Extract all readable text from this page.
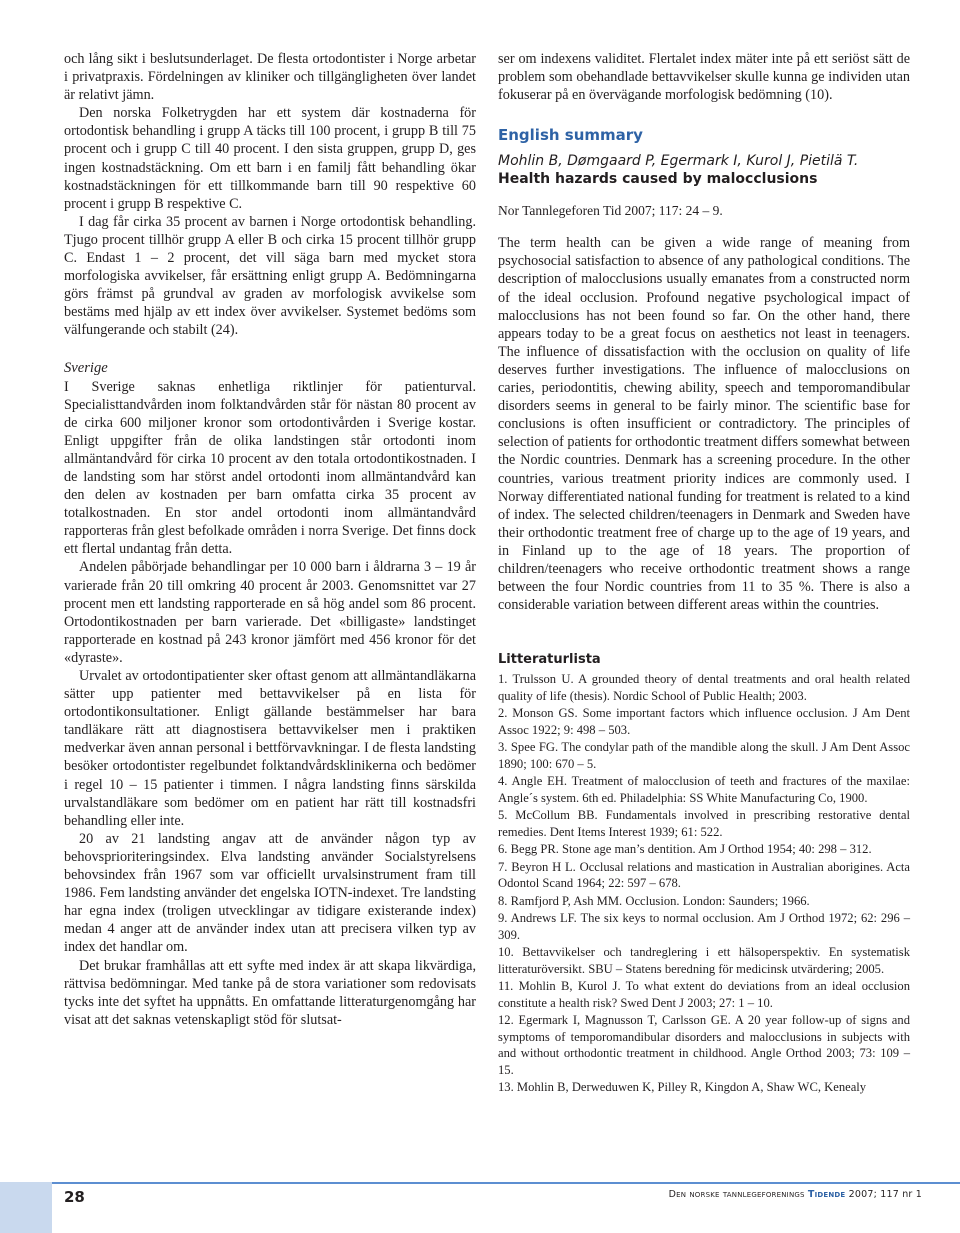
och lång sikt i beslutsunderlaget. De flesta ortodontister i Norge arbetar i privatpraxis. Fördelningen av kliniker och tillgängligheten över landet är relativt jämn.

Den norska Folketrygden har ett system där kostnaderna för ortodontisk behandling i grupp A täcks till 100 procent, i grupp B till 75 procent och i grupp C till 40 procent. I den sista gruppen, grupp D, ges ingen kostnadstäckning. Om ett barn i en familj fått behandling ökar kostnadstäckningen för ett tillkommande barn till 90 respektive 60 procent i grupp B respektive C.

I dag får cirka 35 procent av barnen i Norge ortodontisk behandling. Tjugo procent tillhör grupp A eller B och cirka 15 procent tillhör grupp C. Endast 1 – 2 procent, det vill säga barn med mycket stora morfologiska avvikelser, får ersättning enligt grupp A. Bedömningarna görs främst på grundval av graden av morfologisk avvikelse som bestäms med hjälp av ett index över avvikelser. Systemet bedöms som välfungerande och stabilt (24).

Sverige

I Sverige saknas enhetliga riktlinjer för patienturval. Specialisttandvården inom folktandvården står för nästan 80 procent av de cirka 600 miljoner kronor som ortodontivården i Sverige kostar. Enligt uppgifter från de olika landstingen står ortodonti inom allmäntandvård för cirka 10 procent av den totala ortodontikostnaden. I de landsting som har störst andel ortodonti inom allmäntandvård kan den delen av kostnaden per barn omfatta cirka 35 procent av totalkostnaden. En stor andel ortodonti inom allmäntandvård rapporteras från glest befolkade områden i norra Sverige. Det finns dock ett flertal undantag från detta.

Andelen påbörjade behandlingar per 10 000 barn i åldrarna 3 – 19 år varierade från 20 till omkring 40 procent år 2003. Genomsnittet var 27 procent men ett landsting rapporterade en så hög andel som 86 procent. Ortodontikostnaden per barn varierade. Det «billigaste» landstinget rapporterade en kostnad på 243 kronor jämfört med 456 kronor för det «dyraste».

Urvalet av ortodontipatienter sker oftast genom att allmäntandläkarna sätter upp patienter med bettavvikelser på en lista för ortodontikonsultationer. Enligt gällande bestämmelser har bara tandläkare rätt att diagnostisera bettavvikelser men i praktiken medverkar även annan personal i bettförvavkningar. I de flesta landsting besöker ortodontister regelbundet folktandvårdsklinikerna och bedömer i regel 10 – 15 patienter i timmen. I några landsting finns särskilda urvalstandläkare som bedömer om en patient har rätt till kostnadsfri behandling eller inte.

20 av 21 landsting angav att de använder någon typ av behovsprioriteringsindex. Elva landsting använder Socialstyrelsens behovsindex från 1967 som var officiellt urvalsinstrument fram till 1986. Fem landsting använder det engelska IOTN-indexet. Tre landsting har egna index (troligen utvecklingar av tidigare existerande index) medan 4 anger att de använder index utan att precisera vilken typ av index det handlar om.

Det brukar framhållas att ett syfte med index är att skapa likvärdiga, rättvisa bedömningar. Med tanke på de stora variationer som redovisats tycks inte det syftet ha uppnåtts. En omfattande litteraturgenomgång har visat att det saknas vetenskapligt stöd för slutsat-

ser om indexens validitet. Flertalet index mäter inte på ett seriöst sätt de problem som obehandlade bettavvikelser skulle kunna ge individen utan fokuserar på en övervägande morfologisk bedömning (10).

English summary
Mohlin B, Dømgaard P, Egermark I, Kurol J, Pietilä T.
Health hazards caused by malocclusions
Nor Tannlegeforen Tid 2007; 117: 24 – 9.

The term health can be given a wide range of meaning from psychosocial satisfaction to absence of any pathological conditions. The description of malocclusions usually emanates from a constructed norm of the ideal occlusion. Profound negative psychological impact of malocclusions has not been found so far. On the other hand, there appears today to be a great focus on aesthetics not least in teenagers. The influence of dissatisfaction with the occlusion on quality of life deserves further investigations. The influence of malocclusions on caries, periodontitis, chewing ability, speech and temporomandibular disorders seems in general to be fairly minor. The scientific base for conclusions is often insufficient or contradictory. The principles of selection of patients for orthodontic treatment differs somewhat between the Nordic countries. Denmark has a screening procedure. In the other countries, various treatment priority indices are commonly used. I Norway differentiated national funding for treatment is related to a kind of index. The selected children/teenagers in Denmark and Sweden have their orthodontic treatment free of charge up to the age of 19 years, and in Finland up to the age of 18 years. The proportion of children/teenagers who receive orthodontic treatment shows a range between the four Nordic countries from 11 to 35 %. There is also a considerable variation between different areas within the countries.

Litteraturlista
1. Trulsson U. A grounded theory of dental treatments and oral health related quality of life (thesis). Nordic School of Public Health; 2003.
2. Monson GS. Some important factors which influence occlusion. J Am Dent Assoc 1922; 9: 498 – 503.
3. Spee FG. The condylar path of the mandible along the skull. J Am Dent Assoc 1890; 100: 670 – 5.
4. Angle EH. Treatment of malocclusion of teeth and fractures of the maxilae: Angle´s system. 6th ed. Philadelphia: SS White Manufacturing Co, 1900.
5. McCollum BB. Fundamentals involved in prescribing restorative dental remedies. Dent Items Interest 1939; 61: 522.
6. Begg PR. Stone age man’s dentition. Am J Orthod 1954; 40: 298 – 312.
7. Beyron H L. Occlusal relations and mastication in Australian aborigines. Acta Odontol Scand 1964; 22: 597 – 678.
8. Ramfjord P, Ash MM. Occlusion. London: Saunders; 1966.
9. Andrews LF. The six keys to normal occlusion. Am J Orthod 1972; 62: 296 – 309.
10. Bettavvikelser och tandreglering i ett hälsoperspektiv. En systematisk litteraturöversikt. SBU – Statens beredning för medicinsk utvärdering; 2005.
11. Mohlin B, Kurol J. To what extent do deviations from an ideal occlusion constitute a health risk? Swed Dent J 2003; 27: 1 – 10.
12. Egermark I, Magnusson T, Carlsson GE. A 20 year follow-up of signs and symptoms of temporomandibular disorders and malocclusions in subjects with and without orthodontic treatment in childhood. Angle Orthod 2003; 73: 109 – 15.
13. Mohlin B, Derweduwen K, Pilley R, Kingdon A, Shaw WC, Kenealy
28	Den norske tannlegeforenings Tidende 2007; 117 nr 1
